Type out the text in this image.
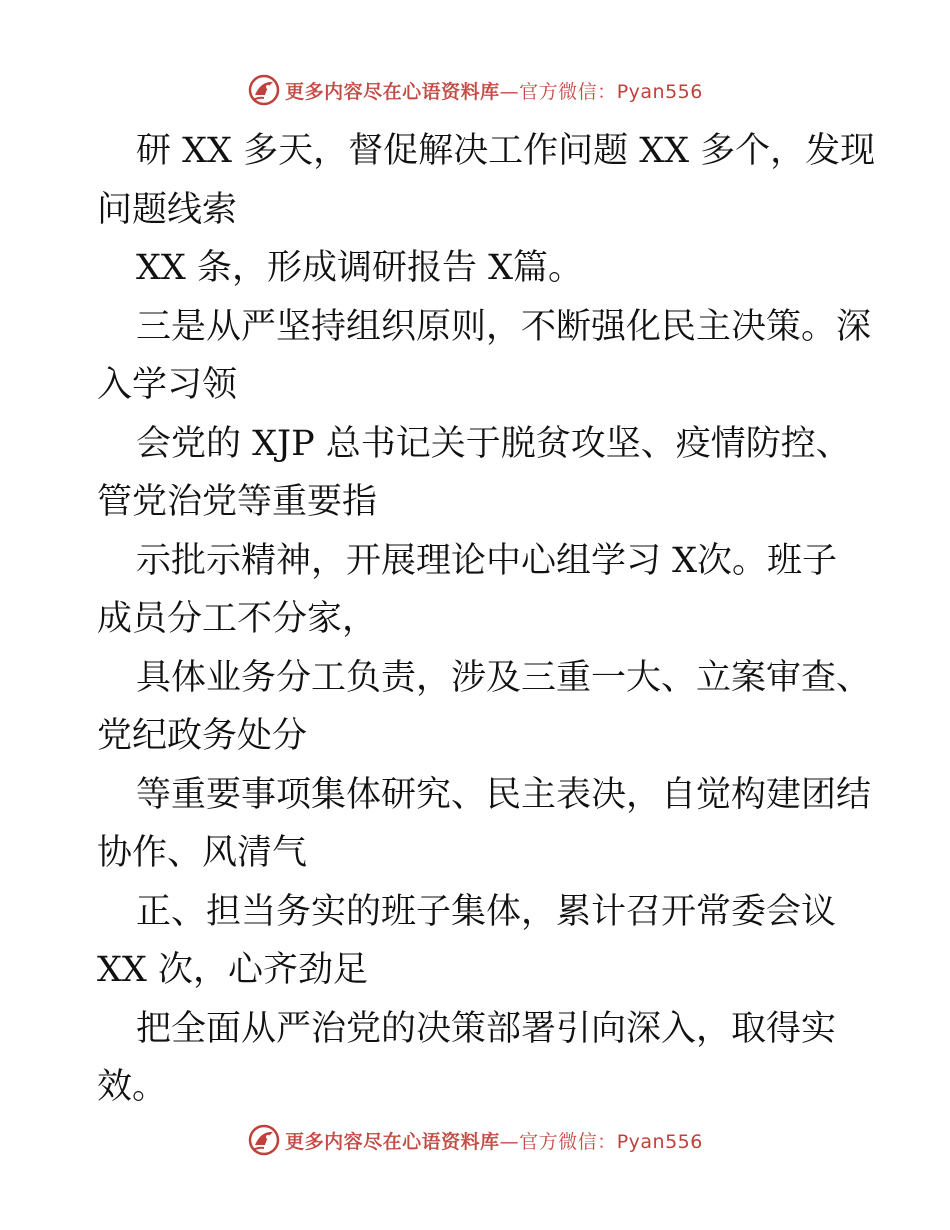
更多内容尽在心语资料库—官方微信：Pyan556
研 XX 多天，督促解决工作问题 XX 多个，发现
问题线索
XX 条，形成调研报告 X篇。
三是从严坚持组织原则，不断强化民主决策。深
入学习领
会党的 XJP 总书记关于脱贫攻坚、疫情防控、
管党治党等重要指
示批示精神，开展理论中心组学习 X次。班子
成员分工不分家，
具体业务分工负责，涉及三重一大、立案审查、
党纪政务处分
等重要事项集体研究、民主表决，自觉构建团结
协作、风清气
正、担当务实的班子集体，累计召开常委会议
XX 次，心齐劲足
把全面从严治党的决策部署引向深入，取得实
效。
更多内容尽在心语资料库—官方微信：Pyan556
